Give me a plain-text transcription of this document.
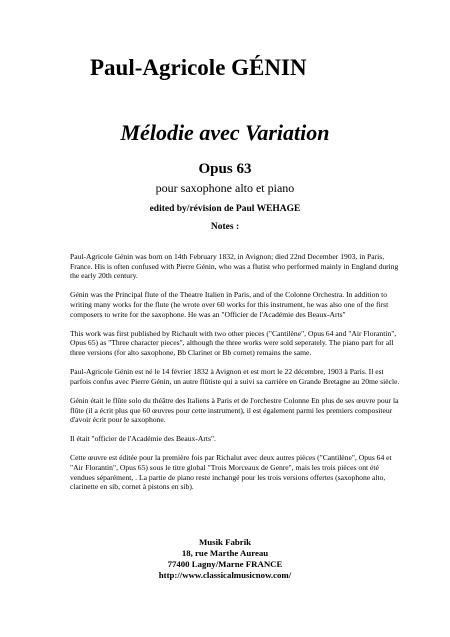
Paul-Agricole GÉNIN
Mélodie avec Variation
Opus 63
pour saxophone alto et piano
edited by/révision de Paul WEHAGE
Notes :

Paul-Agricole Génin was born on 14th February 1832, in Avignon; died 22nd December 1903, in Paris, France. His is often confused with Pierre Génin, who was a flutist who performed mainly in England during the early 20th century.

Génin was the Principal flute of the Theatre Italien in Paris, and of the Colonne Orchestra. In addition to writing many works for the flute (he wrote over 60 works for this instrument, he was also one of the first composers to write for the saxophone. He was an "Officier de l'Académie des Beaux-Arts"

This work was first published by Richault with two other pieces ("Cantilène", Opus 64 and "Air Florantin", Opus 65) as "Three character pieces", although the three works were sold seperately. The piano part for all three versions (for alto saxophone, Bb Clarinet or Bb cornet) remains the same.

Paul-Agricole Génin est né le 14 février 1832 à Avignon et est mort le 22 décembre, 1903 à Paris. Il est parfois confus avec Pierre Génin, un autre flûtiste qui a suivi sa carrière en Grande Bretagne au 20me siècle.

Génin était le flûte solo du théâtre des Italiens à Paris et de l'orchestre Colonne En plus de ses œuvre pour la flûte (il a écrit plus que 60 œuvres pour cette instrument), il est également parmi les premiers compositeur d'avoir écrit pour le saxophone.

Il était "officier de l'Académie des Beaux-Arts".

Cette œuvre est éditée pour la première fois par Richalut avec deux autres pièces ("Cantilène", Opus 64 et "Air Florantin", Opus 65) sous le titre global "Trois Morceaux de Genre", mais les trois pièces ont été vendues séparément, . La partie de piano reste inchangé pour les trois versions offertes (saxophone alto, clarinette en sib, cornet à pistons en sib).

Musik Fabrik
18, rue Marthe Aureau
77400 Lagny/Marne FRANCE
http://www.classicalmusicnow.com/
